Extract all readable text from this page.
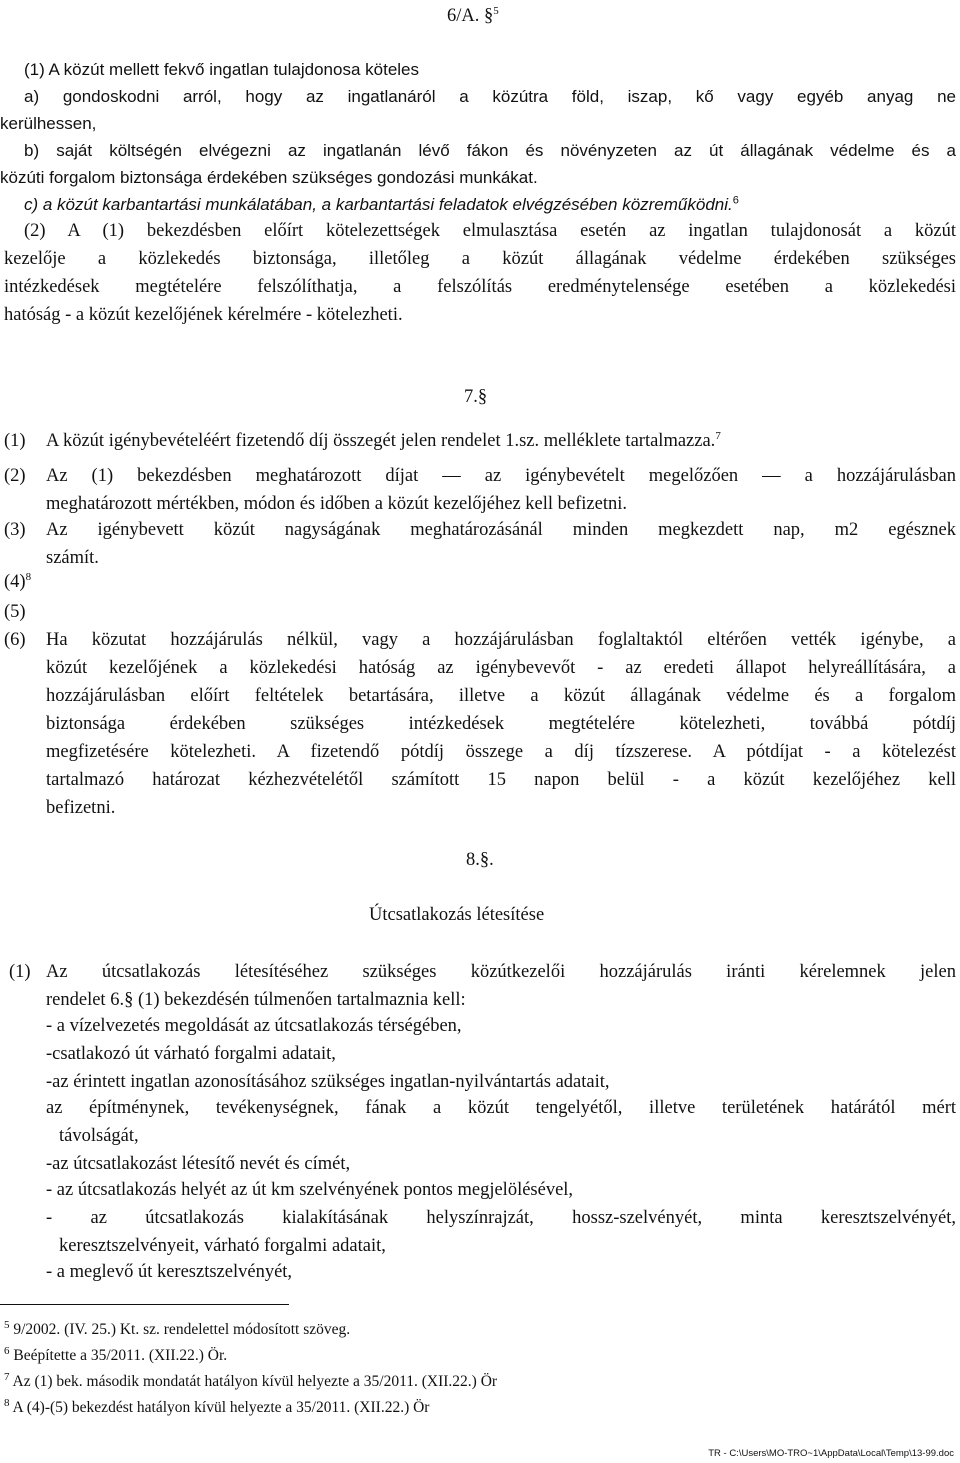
6/A. §$^5$
(1) A közút mellett fekvő ingatlan tulajdonosa köteles
a) gondoskodni arról, hogy az ingatlanáról a közútra föld, iszap, kő vagy egyéb anyag ne
kerülhessen,
b) saját költségén elvégezni az ingatlanán lévő fákon és növényzeten az út állagának védelme és a
közúti forgalom biztonsága érdekében szükséges gondozási munkákat.
c) a közút karbantartási munkálatában, a karbantartási feladatok elvégzésében közreműködni.$^6$
(2) A (1) bekezdésben előírt kötelezettségek elmulasztása esetén az ingatlan tulajdonosát a közút
kezelője a közlekedés biztonsága, illetőleg a közút állagának védelme érdekében szükséges
intézkedések megtételére felszólíthatja, a felszólítás eredménytelensége esetében a közlekedési
hatóság - a közút kezelőjének kérelmére - kötelezheti.
7.§
(1) A közút igénybevételéért fizetendő díj összegét jelen rendelet 1.sz. melléklete tartalmazza.$^7$
(2) Az (1) bekezdésben meghatározott díjat — az igénybevételt megelőzően — a hozzájárulásban
meghatározott mértékben, módon és időben a közút kezelőjéhez kell befizetni.
(3) Az igénybevett közút nagyságának meghatározásánál minden megkezdett nap, m2 egésznek
számít.
$(4)^8$
(5)
(6) Ha közutat hozzájárulás nélkül, vagy a hozzájárulásban foglaltaktól eltérően vették igénybe, a
közút kezelőjének a közlekedési hatóság az igénybevevőt - az eredeti állapot helyreállítására, a
hozzájárulásban előírt feltételek betartására, illetve a közút állagának védelme és a forgalom
biztonsága érdekében szükséges intézkedések megtételére kötelezheti, továbbá pótdíj
megfizetésére kötelezheti. A fizetendő pótdíj összege a díj tízszerese. A pótdíjat - a kötelezést
tartalmazó határozat kézhezvételétől számított 15 napon belül - a közút kezelőjéhez kell
befizetni.
8.§.
Útcsatlakozás létesítése
(1) Az útcsatlakozás létesítéséhez szükséges közútkezelői hozzájárulás iránti kérelemnek jelen
rendelet 6.§ (1) bekezdésén túlmenően tartalmaznia kell:
- a vízelvezetés megoldását az útcsatlakozás térségében,
-csatlakozó út várható forgalmi adatait,
-az érintett ingatlan azonosításához szükséges ingatlan-nyilvántartás adatait,
az építménynek, tevékenységnek, fának a közút tengelyétől, illetve területének határától mért
távolságát,
-az útcsatlakozást létesítő nevét és címét,
- az útcsatlakozás helyét az út km szelvényének pontos megjelölésével,
- az útcsatlakozás kialakításának helyszínrajzát, hossz-szelvényét, minta keresztszelvényét,
keresztszelvényeit, várható forgalmi adatait,
- a meglevő út keresztszelvényét,
$^5$ 9/2002. (IV. 25.) Kt. sz. rendelettel módosított szöveg.
$^6$ Beépítette a 35/2011. (XII.22.) Ör.
$^7$ Az (1) bek. második mondatát hatályon kívül helyezte a 35/2011. (XII.22.) Ör
$^8$ A (4)-(5) bekezdést hatályon kívül helyezte a 35/2011. (XII.22.) Ör
TR - C:\Users\MO-TRO~1\AppData\Local\Temp\13-99.doc
